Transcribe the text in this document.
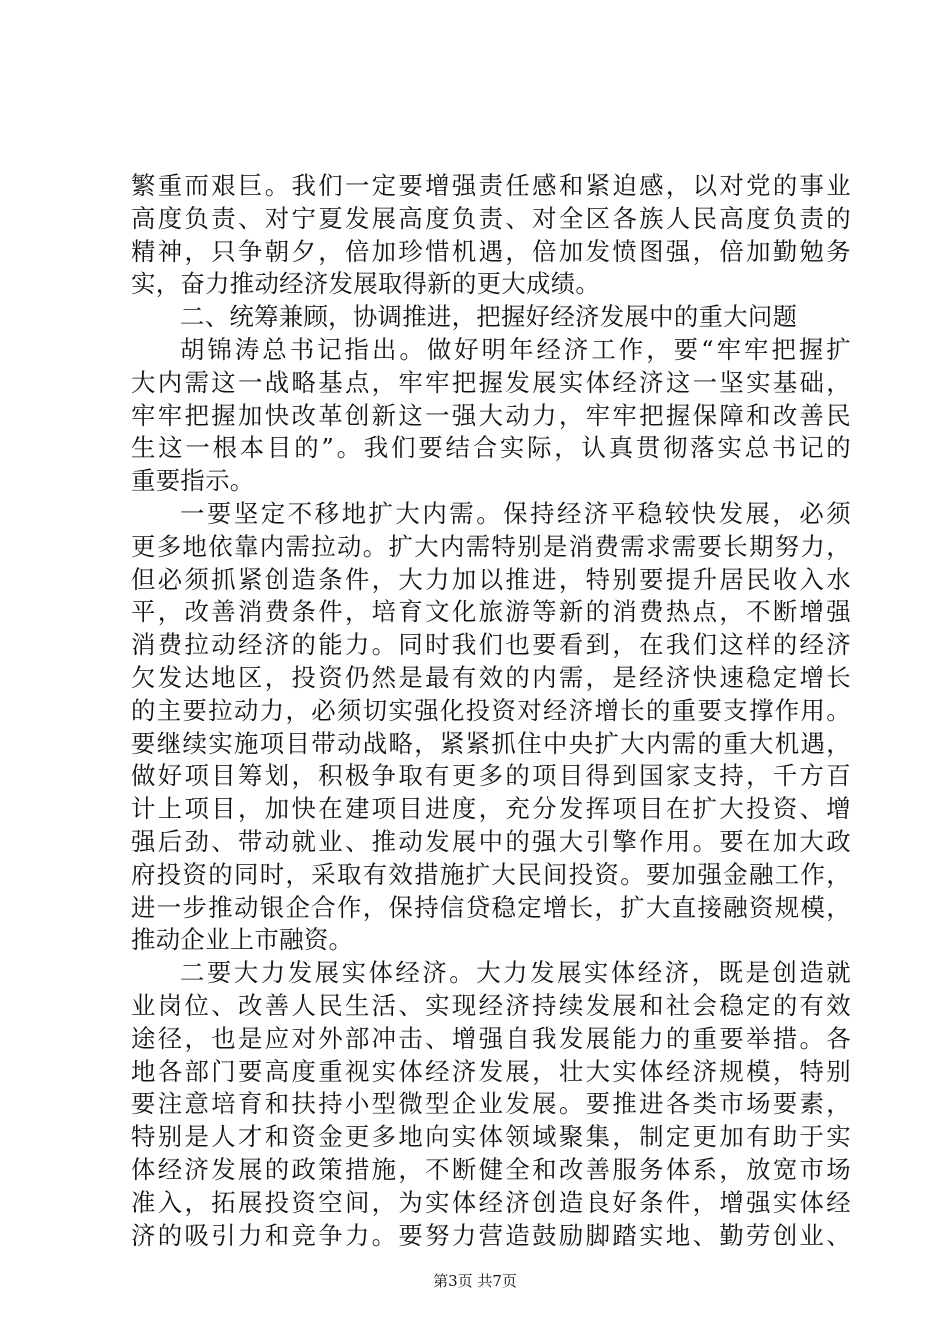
繁重而艰巨。我们一定要增强责任感和紧迫感，以对党的事业
高度负责、对宁夏发展高度负责、对全区各族人民高度负责的
精神，只争朝夕，倍加珍惜机遇，倍加发愤图强，倍加勤勉务
实，奋力推动经济发展取得新的更大成绩。
二、统筹兼顾，协调推进，把握好经济发展中的重大问题
胡锦涛总书记指出。做好明年经济工作，要“牢牢把握扩
大内需这一战略基点，牢牢把握发展实体经济这一坚实基础，
牢牢把握加快改革创新这一强大动力，牢牢把握保障和改善民
生这一根本目的”。我们要结合实际，认真贯彻落实总书记的
重要指示。
一要坚定不移地扩大内需。保持经济平稳较快发展，必须
更多地依靠内需拉动。扩大内需特别是消费需求需要长期努力，
但必须抓紧创造条件，大力加以推进，特别要提升居民收入水
平，改善消费条件，培育文化旅游等新的消费热点，不断增强
消费拉动经济的能力。同时我们也要看到，在我们这样的经济
欠发达地区，投资仍然是最有效的内需，是经济快速稳定增长
的主要拉动力，必须切实强化投资对经济增长的重要支撑作用。
要继续实施项目带动战略，紧紧抓住中央扩大内需的重大机遇，
做好项目筹划，积极争取有更多的项目得到国家支持，千方百
计上项目，加快在建项目进度，充分发挥项目在扩大投资、增
强后劲、带动就业、推动发展中的强大引擎作用。要在加大政
府投资的同时，采取有效措施扩大民间投资。要加强金融工作，
进一步推动银企合作，保持信贷稳定增长，扩大直接融资规模，
推动企业上市融资。
二要大力发展实体经济。大力发展实体经济，既是创造就
业岗位、改善人民生活、实现经济持续发展和社会稳定的有效
途径，也是应对外部冲击、增强自我发展能力的重要举措。各
地各部门要高度重视实体经济发展，壮大实体经济规模，特别
要注意培育和扶持小型微型企业发展。要推进各类市场要素，
特别是人才和资金更多地向实体领域聚集，制定更加有助于实
体经济发展的政策措施，不断健全和改善服务体系，放宽市场
准入，拓展投资空间，为实体经济创造良好条件，增强实体经
济的吸引力和竞争力。要努力营造鼓励脚踏实地、勤劳创业、
第3页 共7页
